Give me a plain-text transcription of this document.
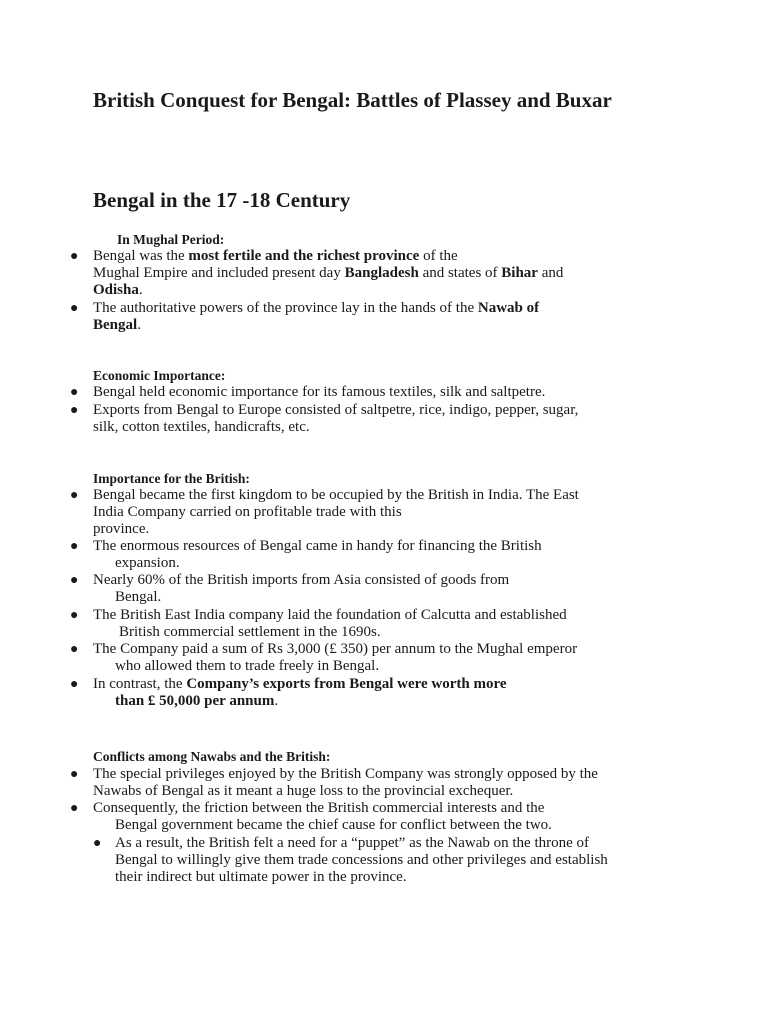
British Conquest for Bengal: Battles of Plassey and Buxar
Bengal in the 17 -18 Century

In Mughal Period:

● Bengal was the most fertile and the richest province of the
Mughal Empire and included present day Bangladesh and states of Bihar and
Odisha.
● The authoritative powers of the province lay in the hands of the Nawab of
Bengal.

Economic Importance:

● Bengal held economic importance for its famous textiles, silk and saltpetre.
● Exports from Bengal to Europe consisted of saltpetre, rice, indigo, pepper, sugar,
silk, cotton textiles, handicrafts, etc.

Importance for the British:

● Bengal became the first kingdom to be occupied by the British in India. The East
India Company carried on profitable trade with this
province.
● The enormous resources of Bengal came in handy for financing the British
expansion.
● Nearly 60% of the British imports from Asia consisted of goods from
Bengal.
● The British East India company laid the foundation of Calcutta and established
British commercial settlement in the 1690s.
● The Company paid a sum of Rs 3,000 (£ 350) per annum to the Mughal emperor
who allowed them to trade freely in Bengal.
● In contrast, the Company’s exports from Bengal were worth more
than £ 50,000 per annum.

Conflicts among Nawabs and the British:

● The special privileges enjoyed by the British Company was strongly opposed by the
Nawabs of Bengal as it meant a huge loss to the provincial exchequer.
● Consequently, the friction between the British commercial interests and the
Bengal government became the chief cause for conflict between the two.
● As a result, the British felt a need for a “puppet” as the Nawab on the throne of
Bengal to willingly give them trade concessions and other privileges and establish
their indirect but ultimate power in the province.
